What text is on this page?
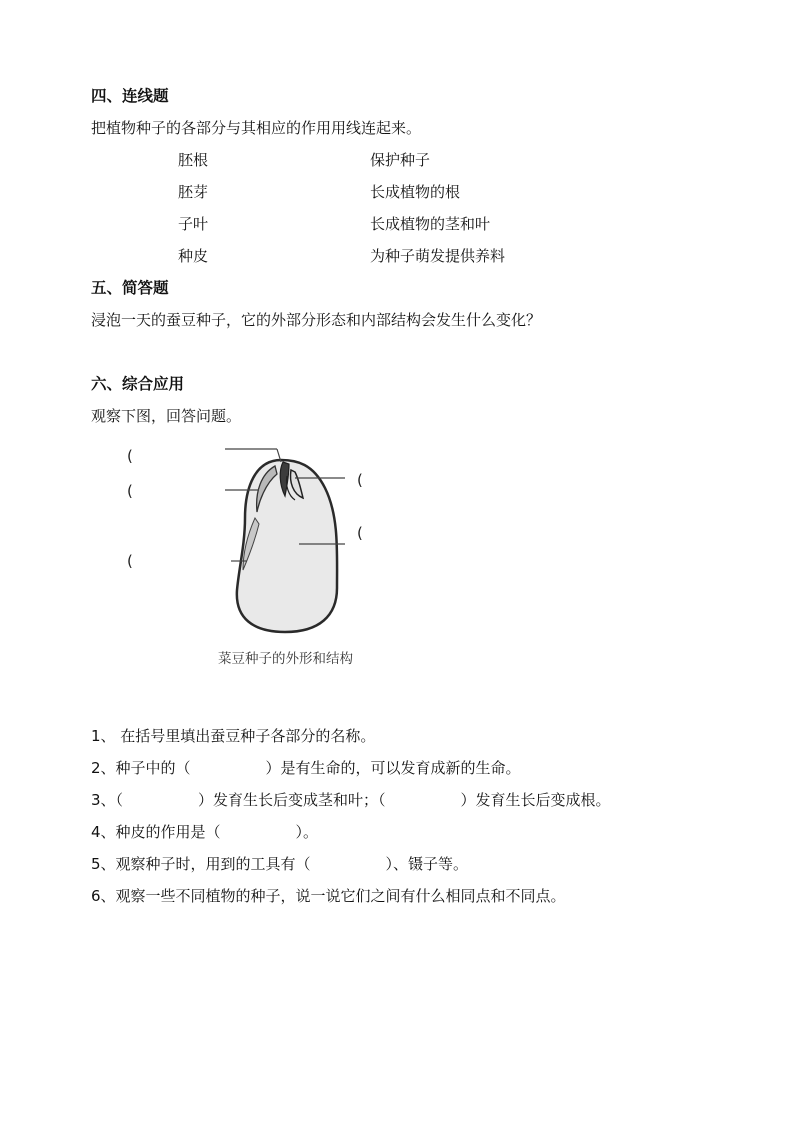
四、连线题
把植物种子的各部分与其相应的作用用线连起来。
胚根
胚芽
子叶
种皮
保护种子
长成植物的根
长成植物的茎和叶
为种子萌发提供养料
五、简答题
浸泡一天的蚕豆种子，它的外部分形态和内部结构会发生什么变化？
六、综合应用
观察下图，回答问题。
(
(
(
(
(
菜豆种子的外形和结构
1、 在括号里填出蚕豆种子各部分的名称。
2、种子中的（　　　　　）是有生命的，可以发育成新的生命。
3、（　　　　　）发育生长后变成茎和叶；（　　　　　）发育生长后变成根。
4、种皮的作用是（　　　　　）。
5、观察种子时，用到的工具有（　　　　　）、镊子等。
6、观察一些不同植物的种子，说一说它们之间有什么相同点和不同点。
